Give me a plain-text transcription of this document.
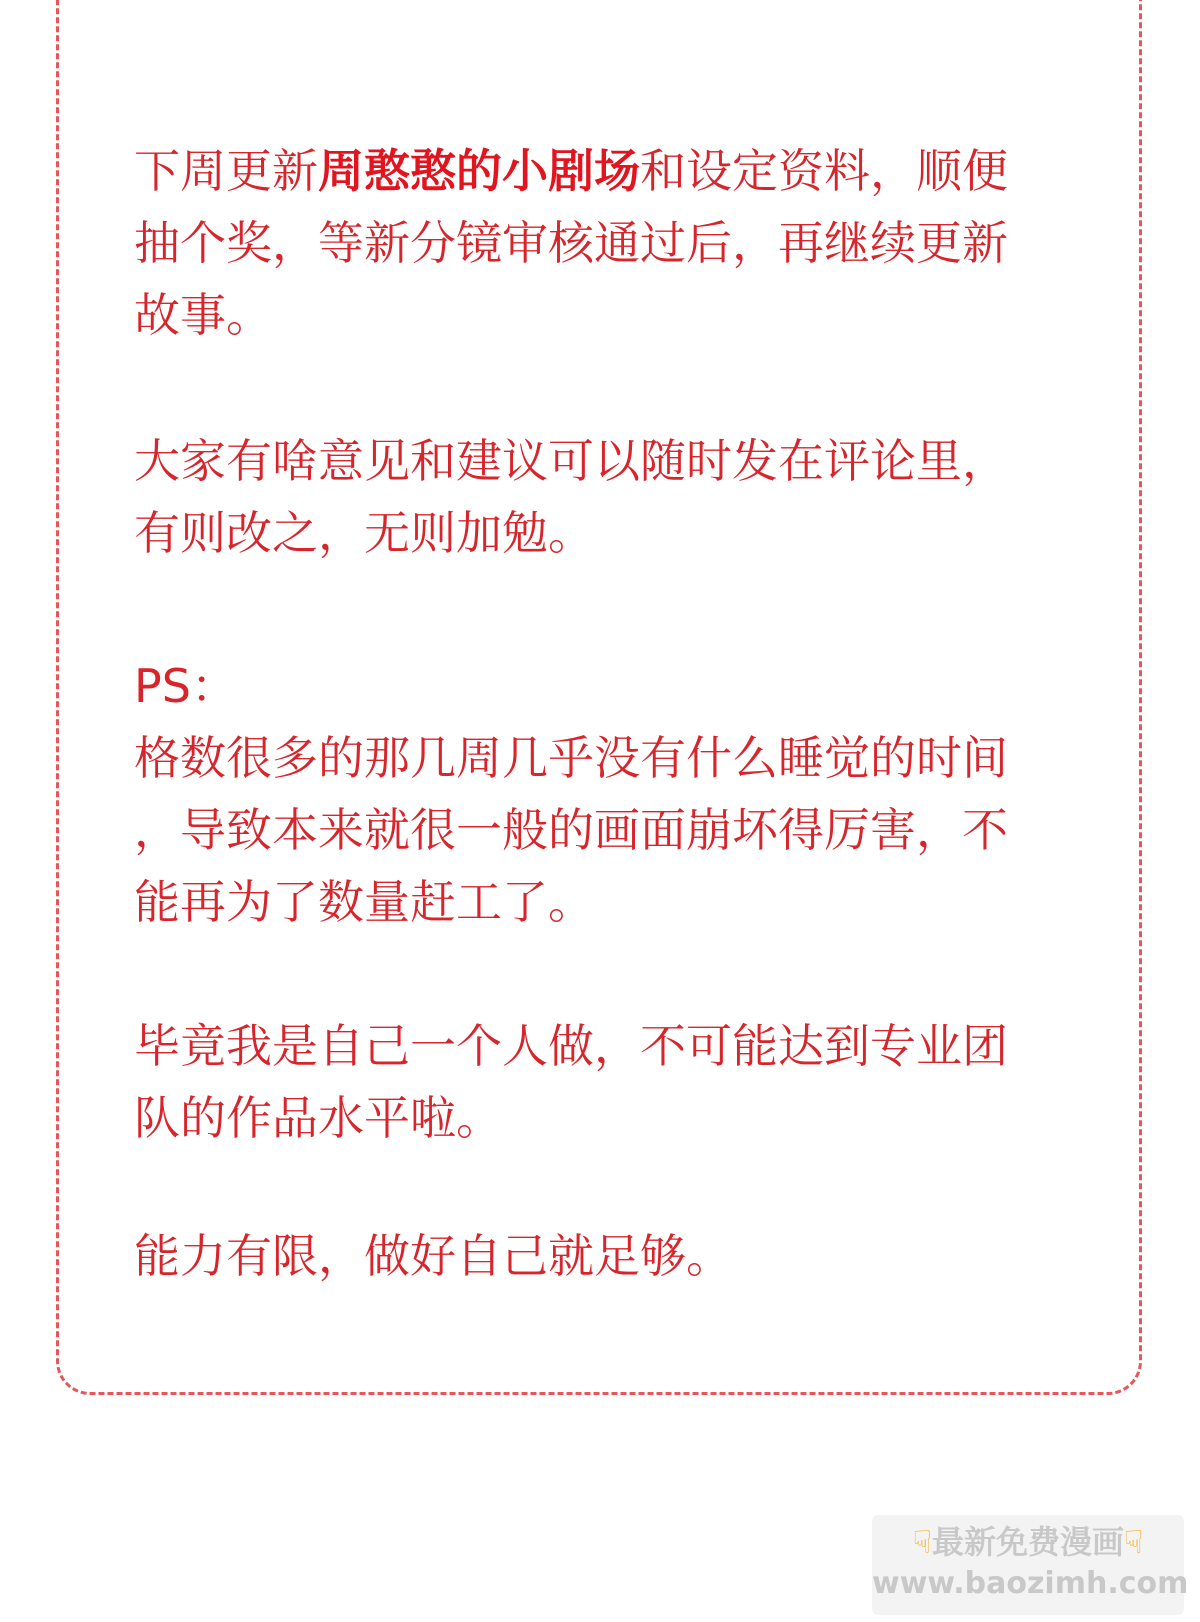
下周更新周憨憨的小剧场和设定资料，顺便
抽个奖，等新分镜审核通过后，再继续更新
故事。

大家有啥意见和建议可以随时发在评论里，
有则改之，无则加勉。

PS：
格数很多的那几周几乎没有什么睡觉的时间
，导致本来就很一般的画面崩坏得厉害，不
能再为了数量赶工了。

毕竟我是自己一个人做，不可能达到专业团
队的作品水平啦。

能力有限，做好自己就足够。

☟最新免费漫画☟
www.baozimh.com
